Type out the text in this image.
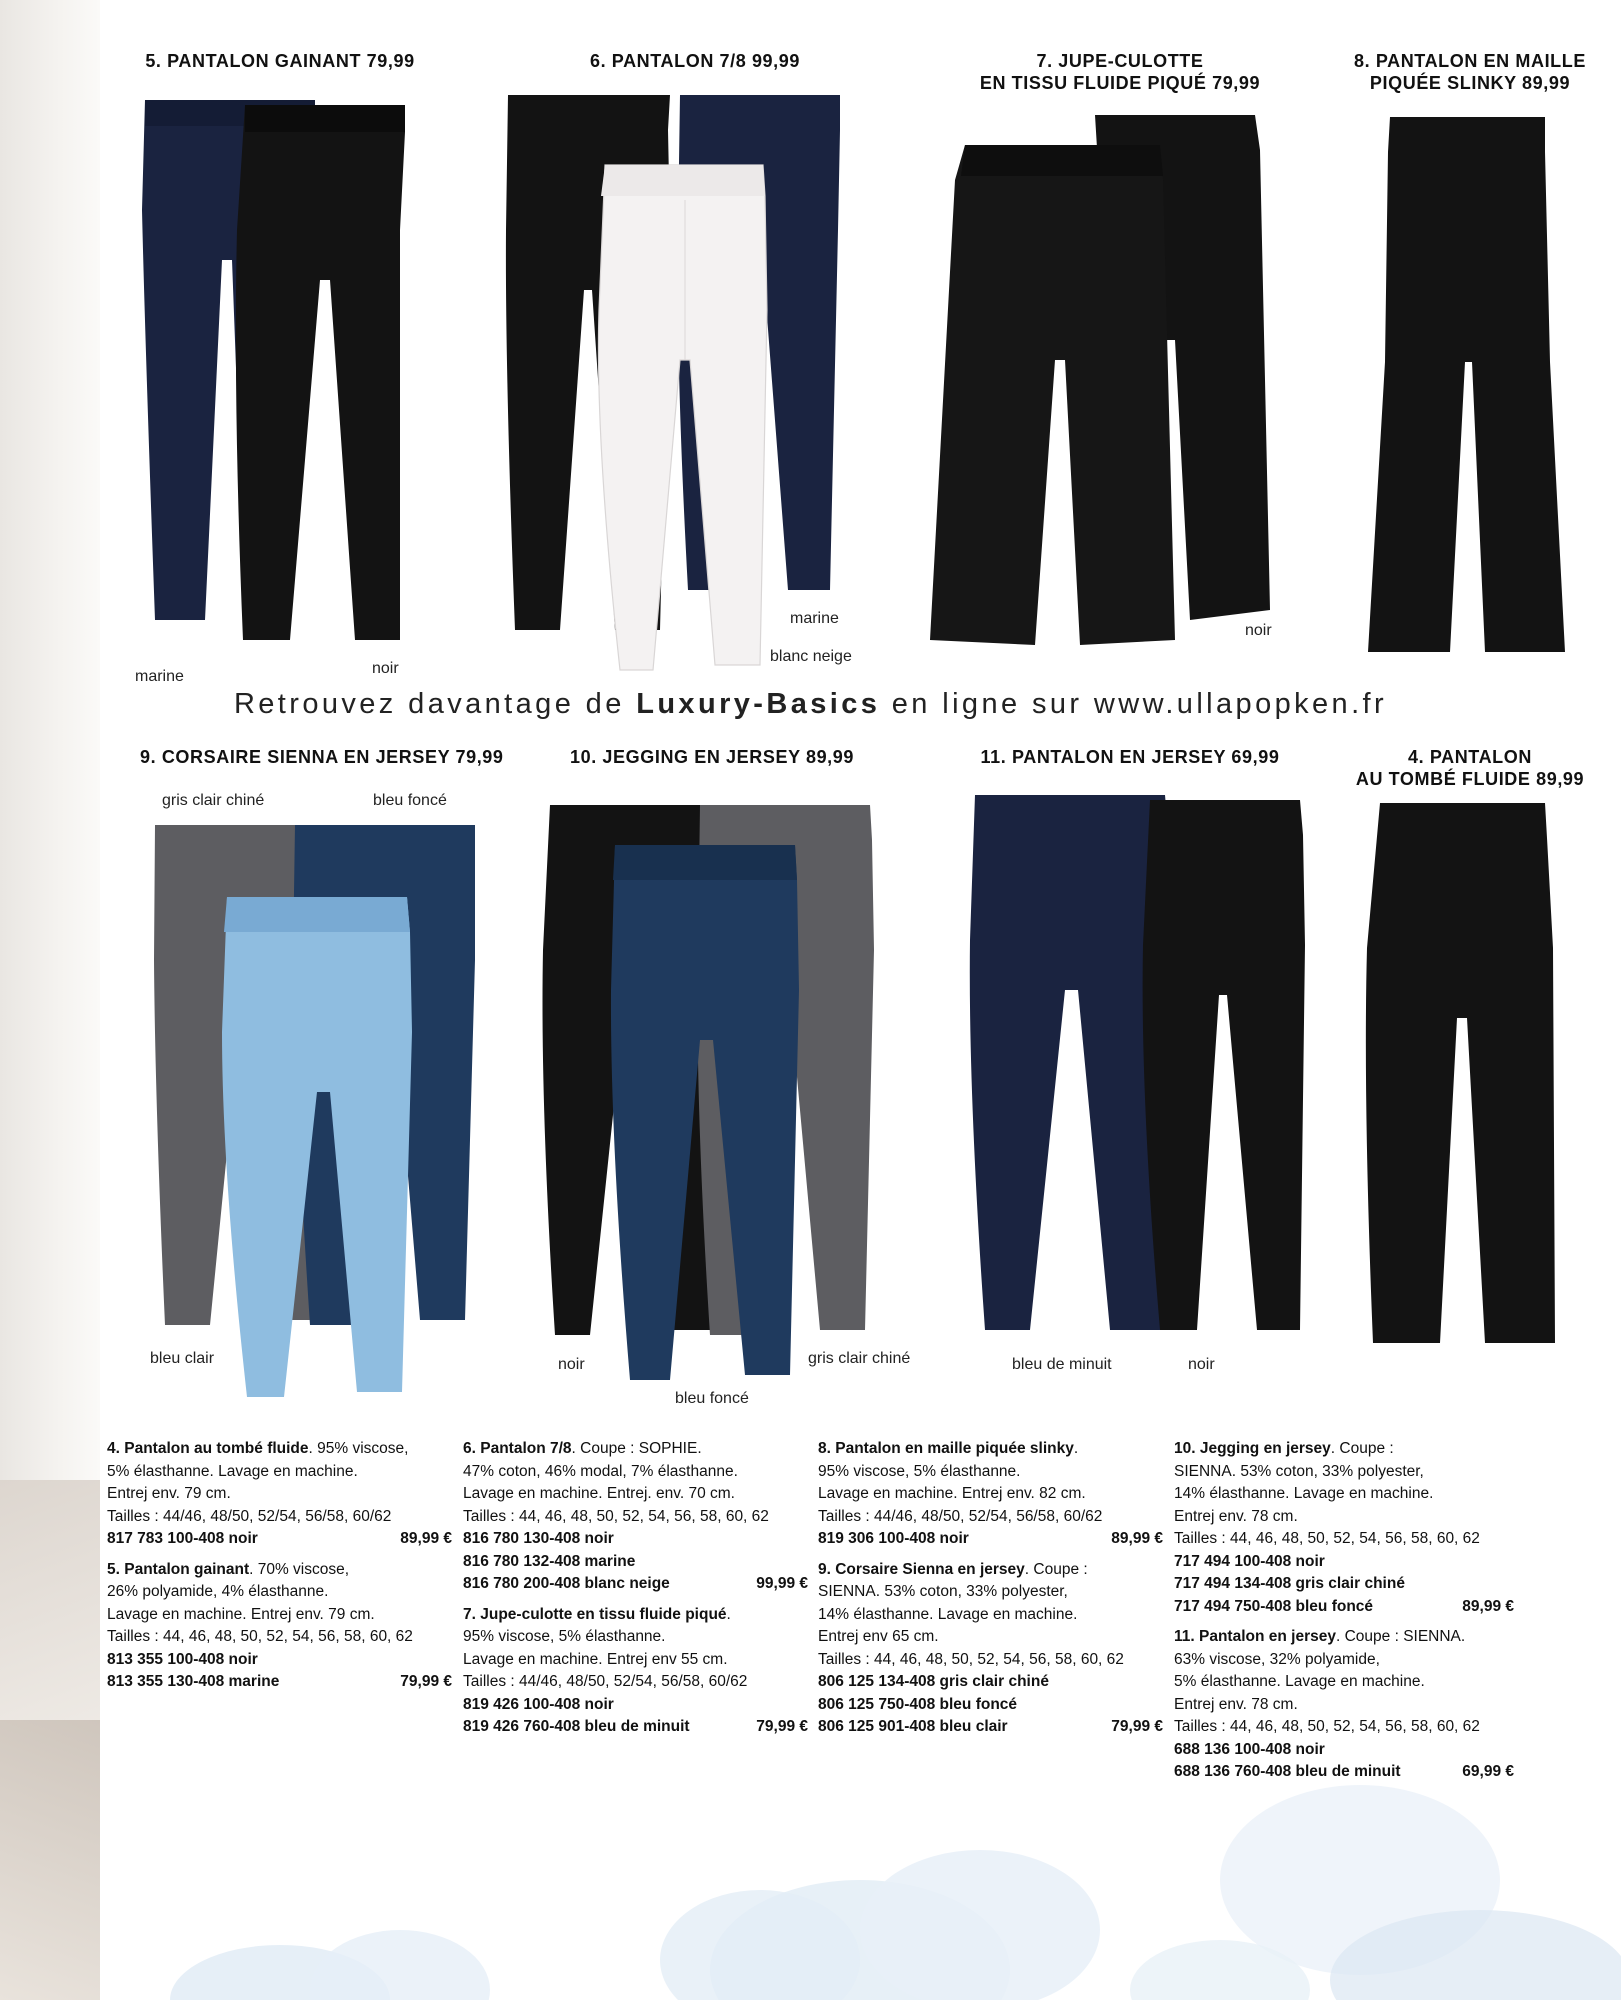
5. PANTALON GAINANT 79,99	6. PANTALON 7/8 99,99	7. JUPE-CULOTTE
EN TISSU FLUIDE PIQUÉ 79,99
8. PANTALON EN MAILLE
PIQUÉE SLINKY 89,99
marine	noir
marine
blanc neige
noir
Retrouvez davantage de Luxury-Basics en ligne sur www.ullapopken.fr
9. CORSAIRE SIENNA EN JERSEY 79,99	10. JEGGING EN JERSEY 89,99	11. PANTALON EN JERSEY 69,99	4. PANTALON
AU TOMBÉ FLUIDE 89,99
gris clair chiné	bleu foncé
bleu clair	noir	gris clair chiné
bleu foncé
bleu de minuit	noir
4. Pantalon au tombé fluide. 95% viscose,
5% élasthanne. Lavage en machine.
Entrej env. 79 cm.
Tailles : 44/46, 48/50, 52/54, 56/58, 60/62
817 783 100-408 noir	89,99 €
5. Pantalon gainant. 70% viscose,
26% polyamide, 4% élasthanne.
Lavage en machine. Entrej env. 79 cm.
Tailles : 44, 46, 48, 50, 52, 54, 56, 58, 60, 62
813 355 100-408 noir
813 355 130-408 marine	79,99 €
6. Pantalon 7/8. Coupe : SOPHIE.
47% coton, 46% modal, 7% élasthanne.
Lavage en machine. Entrej. env. 70 cm.
Tailles : 44, 46, 48, 50, 52, 54, 56, 58, 60, 62
816 780 130-408 noir
816 780 132-408 marine
816 780 200-408 blanc neige	99,99 €
7. Jupe-culotte en tissu fluide piqué.
95% viscose, 5% élasthanne.
Lavage en machine. Entrej env 55 cm.
Tailles : 44/46, 48/50, 52/54, 56/58, 60/62
819 426 100-408 noir
819 426 760-408 bleu de minuit	79,99 €
8. Pantalon en maille piquée slinky.
95% viscose, 5% élasthanne.
Lavage en machine. Entrej env. 82 cm.
Tailles : 44/46, 48/50, 52/54, 56/58, 60/62
819 306 100-408 noir	89,99 €
9. Corsaire Sienna en jersey. Coupe :
SIENNA. 53% coton, 33% polyester,
14% élasthanne. Lavage en machine.
Entrej env 65 cm.
Tailles : 44, 46, 48, 50, 52, 54, 56, 58, 60, 62
806 125 134-408 gris clair chiné
806 125 750-408 bleu foncé
806 125 901-408 bleu clair	79,99 €
10. Jegging en jersey. Coupe :
SIENNA. 53% coton, 33% polyester,
14% élasthanne. Lavage en machine.
Entrej env. 78 cm.
Tailles : 44, 46, 48, 50, 52, 54, 56, 58, 60, 62
717 494 100-408 noir
717 494 134-408 gris clair chiné
717 494 750-408 bleu foncé	89,99 €
11. Pantalon en jersey. Coupe : SIENNA.
63% viscose, 32% polyamide,
5% élasthanne. Lavage en machine.
Entrej env. 78 cm.
Tailles : 44, 46, 48, 50, 52, 54, 56, 58, 60, 62
688 136 100-408 noir
688 136 760-408 bleu de minuit	69,99 €
